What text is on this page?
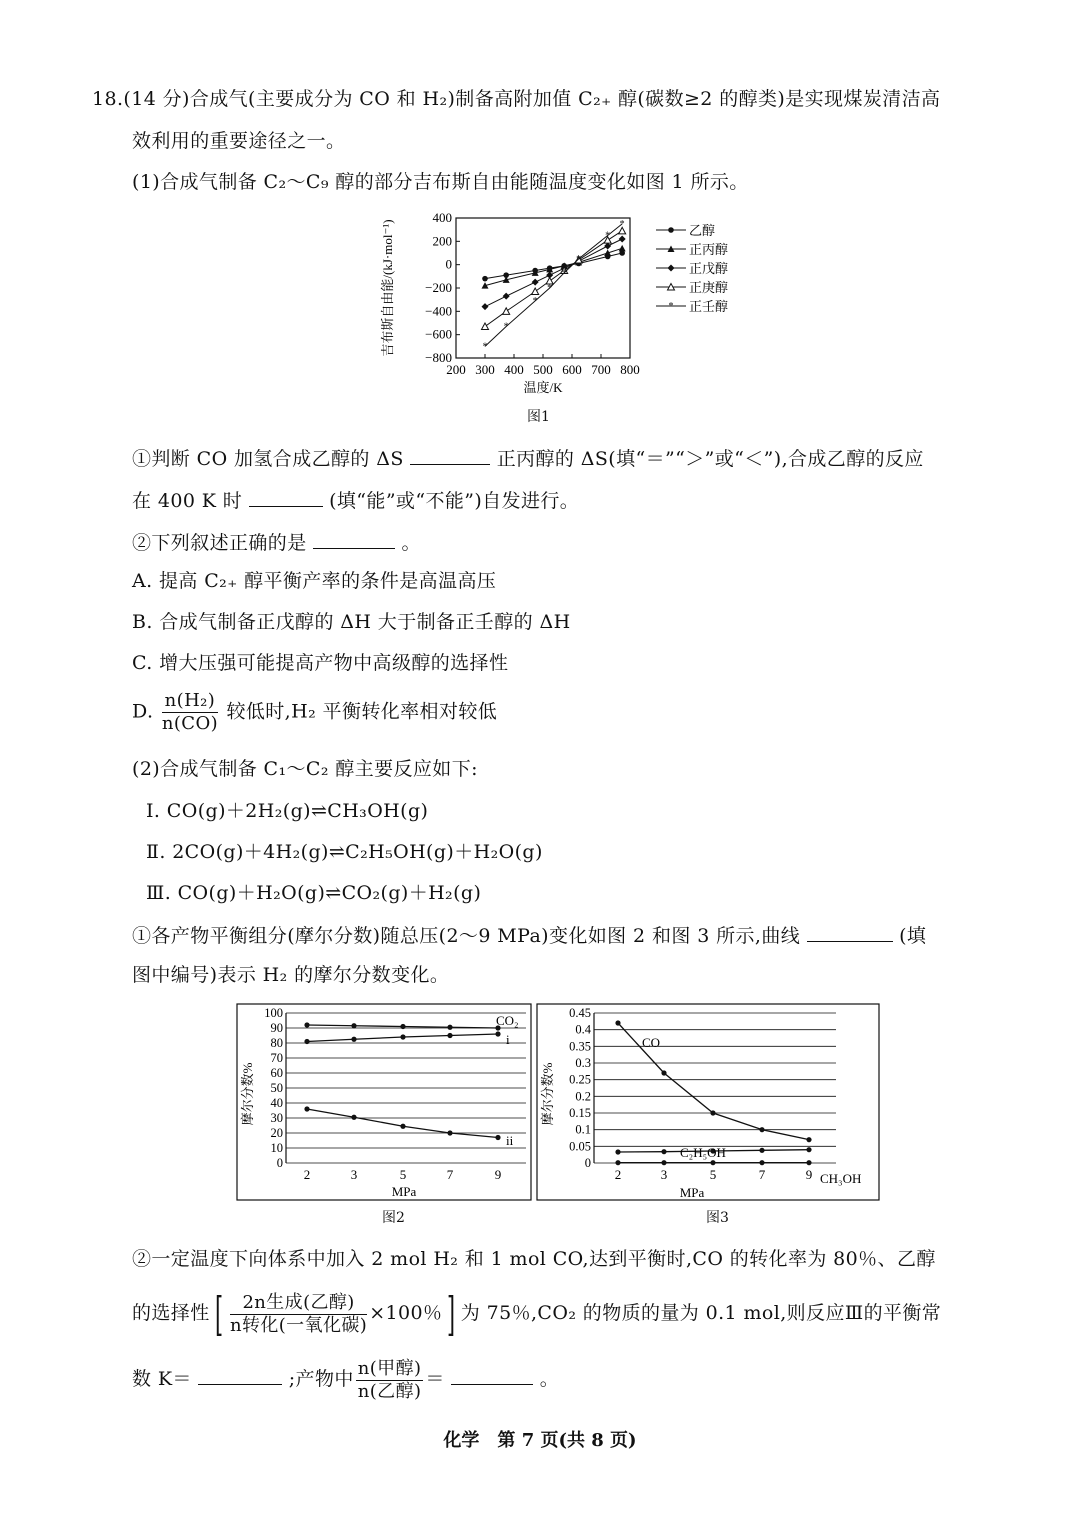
18.(14 分)合成气(主要成分为 CO 和 H₂)制备高附加值 C₂₊ 醇(碳数≥2 的醇类)是实现煤炭清洁高
效利用的重要途径之一。
(1)合成气制备 C₂～C₉ 醇的部分吉布斯自由能随温度变化如图 1 所示。
200 300 400 500 600 700 800
400
200
0
−200
−400
−600
−800
温度/K
吉布斯自由能/(kJ·mol⁻¹)	乙醇
正丙醇
正戊醇
正庚醇
*
*
*
*
*
*
*
*
* 正壬醇
图1
①判断 CO 加氢合成乙醇的 ΔS	正丙醇的 ΔS(填“＝”“＞”或“＜”),合成乙醇的反应
在 400 K 时	(填“能”或“不能”)自发进行。
②下列叙述正确的是	。
A. 提高 C₂₊ 醇平衡产率的条件是高温高压
B. 合成气制备正戊醇的 ΔH 大于制备正壬醇的 ΔH
C. 增大压强可能提高产物中高级醇的选择性
D. $\frac{\text{n(H₂)}}{n(CO)}$ 较低时,H₂ 平衡转化率相对较低
(2)合成气制备 C₁～C₂ 醇主要反应如下:
Ⅰ. CO(g)＋2H₂(g)⇌CH₃OH(g)
Ⅱ. 2CO(g)＋4H₂(g)⇌C₂H₅OH(g)＋H₂O(g)
Ⅲ. CO(g)＋H₂O(g)⇌CO₂(g)＋H₂(g)
①各产物平衡组分(摩尔分数)随总压(2～9 MPa)变化如图 2 和图 3 所示,曲线	(填
图中编号)表示 H₂ 的摩尔分数变化。
0
10
20
30
40
50
60
70
80
90
100
2	3	5	7	9
MPa
摩尔分数%
CO₂
i
ii
图2
0
0.05
0.1
0.15
0.2
0.25
0.3
0.35
0.4
0.45
2	3	5	7	9
MPa
摩尔分数%
CO
C₂H₅OH
CH₃OH
图3
②一定温度下向体系中加入 2 mol H₂ 和 1 mol CO,达到平衡时,CO 的转化率为 80％、乙醇
的选择性 [ $\frac{\text{2n生成(乙醇)}}{\text{n转化(一氧化碳)}} \times 100$％ ] 为 75％,CO₂ 的物质的量为 0.1 mol,则反应Ⅲ的平衡常
数 K＝	;产物中 $\frac{\text{n(甲醇)}}{\text{n(乙醇)}}$ ＝	。
化学　第 7 页(共 8 页)
